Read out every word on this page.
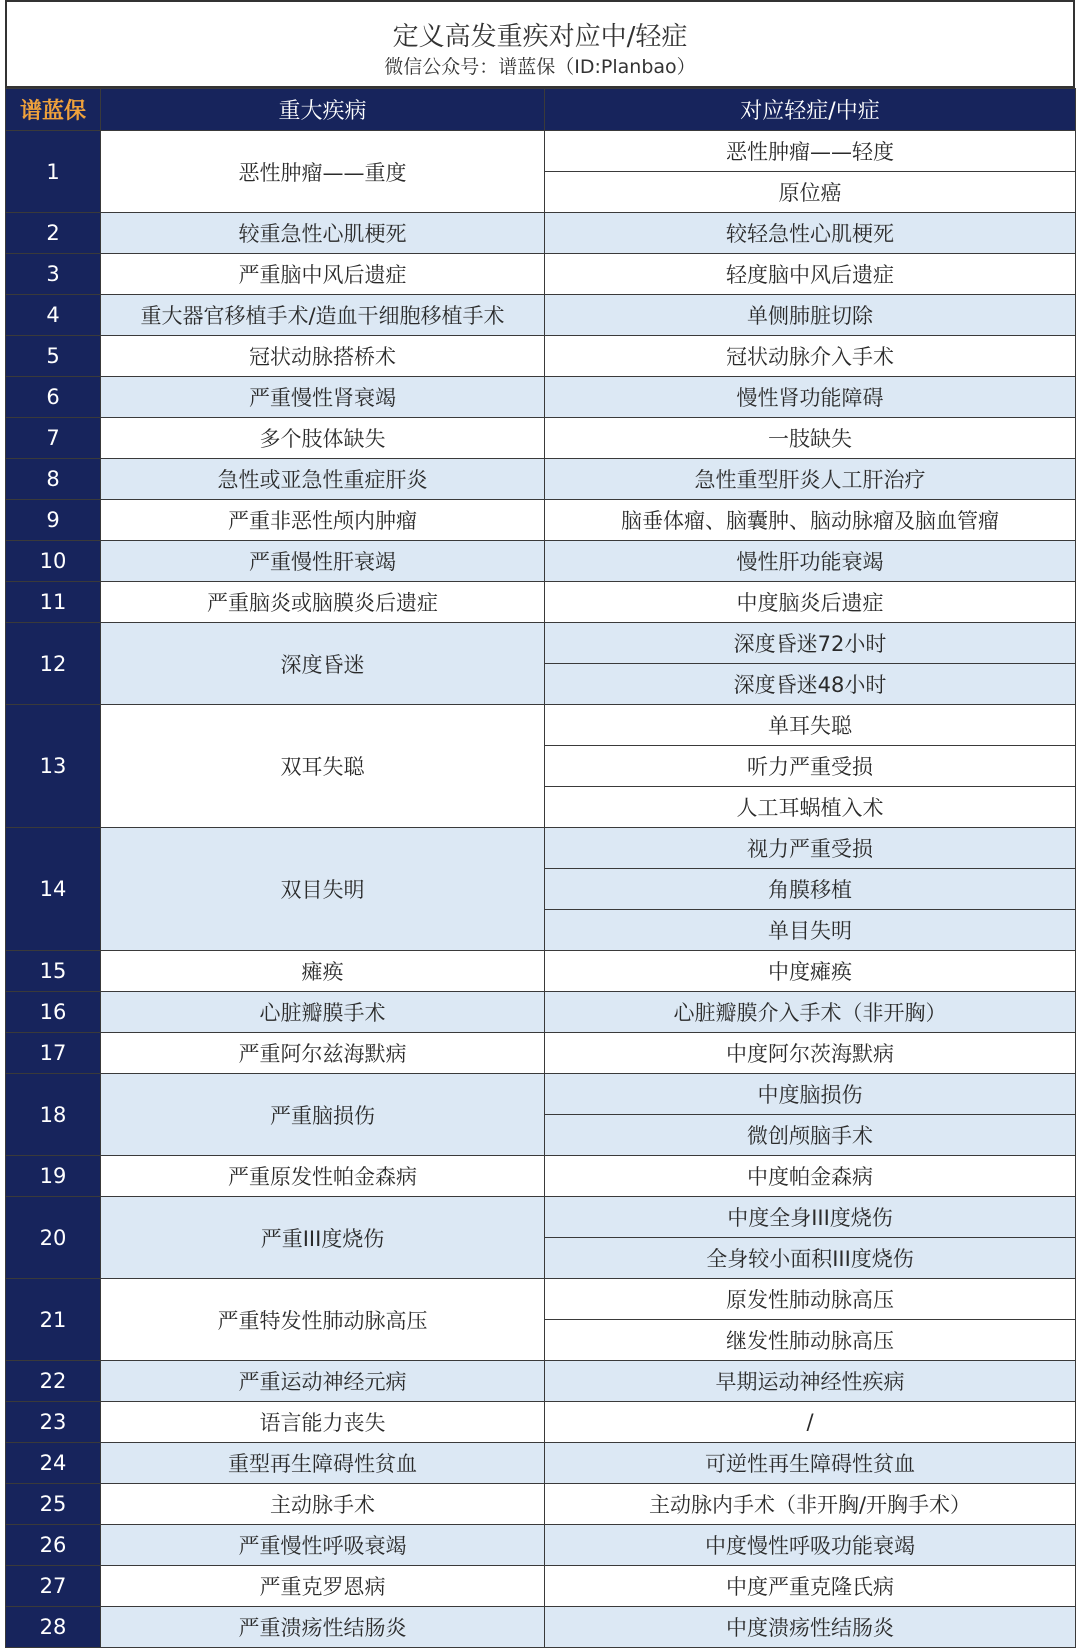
定义高发重疾对应中/轻症
微信公众号：谱蓝保（ID:Planbao）
谱蓝保	重大疾病	对应轻症/中症
1	恶性肿瘤——重度	恶性肿瘤——轻度
		原位癌
2	较重急性心肌梗死	较轻急性心肌梗死
3	严重脑中风后遗症	轻度脑中风后遗症
4	重大器官移植手术/造血干细胞移植手术	单侧肺脏切除
5	冠状动脉搭桥术	冠状动脉介入手术
6	严重慢性肾衰竭	慢性肾功能障碍
7	多个肢体缺失	一肢缺失
8	急性或亚急性重症肝炎	急性重型肝炎人工肝治疗
9	严重非恶性颅内肿瘤	脑垂体瘤、脑囊肿、脑动脉瘤及脑血管瘤
10	严重慢性肝衰竭	慢性肝功能衰竭
11	严重脑炎或脑膜炎后遗症	中度脑炎后遗症
12	深度昏迷	深度昏迷72小时
		深度昏迷48小时
13	双耳失聪	单耳失聪
		听力严重受损
		人工耳蜗植入术
14	双目失明	视力严重受损
		角膜移植
		单目失明
15	瘫痪	中度瘫痪
16	心脏瓣膜手术	心脏瓣膜介入手术（非开胸）
17	严重阿尔兹海默病	中度阿尔茨海默病
18	严重脑损伤	中度脑损伤
		微创颅脑手术
19	严重原发性帕金森病	中度帕金森病
20	严重III度烧伤	中度全身III度烧伤
		全身较小面积III度烧伤
21	严重特发性肺动脉高压	原发性肺动脉高压
		继发性肺动脉高压
22	严重运动神经元病	早期运动神经性疾病
23	语言能力丧失	/
24	重型再生障碍性贫血	可逆性再生障碍性贫血
25	主动脉手术	主动脉内手术（非开胸/开胸手术）
26	严重慢性呼吸衰竭	中度慢性呼吸功能衰竭
27	严重克罗恩病	中度严重克隆氏病
28	严重溃疡性结肠炎	中度溃疡性结肠炎
